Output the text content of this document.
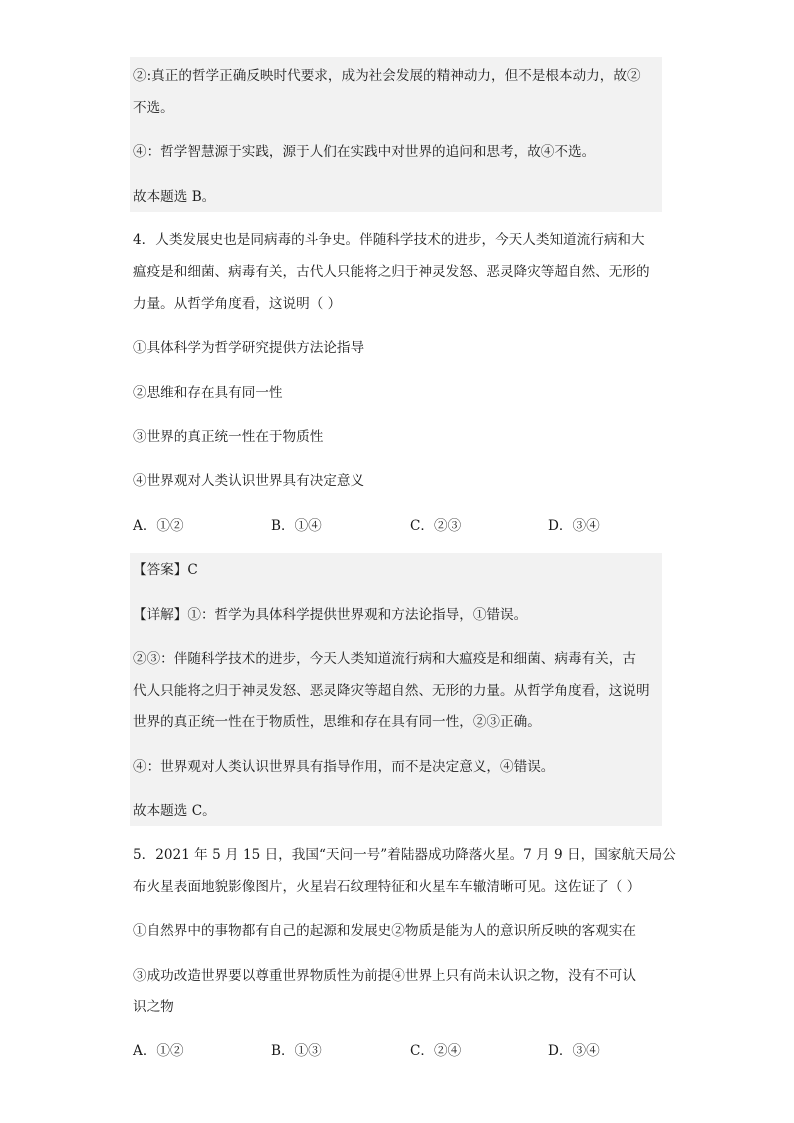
②:真正的哲学正确反映时代要求，成为社会发展的精神动力，但不是根本动力，故②
不选。
④：哲学智慧源于实践，源于人们在实践中对世界的追问和思考，故④不选。
故本题选 B。
4．人类发展史也是同病毒的斗争史。伴随科学技术的进步，今天人类知道流行病和大
瘟疫是和细菌、病毒有关，古代人只能将之归于神灵发怒、恶灵降灾等超自然、无形的
力量。从哲学角度看，这说明（ ）
①具体科学为哲学研究提供方法论指导
②思维和存在具有同一性
③世界的真正统一性在于物质性
④世界观对人类认识世界具有决定意义
A．①②	B．①④	C．②③	D．③④
【答案】C
【详解】①：哲学为具体科学提供世界观和方法论指导，①错误。
②③：伴随科学技术的进步，今天人类知道流行病和大瘟疫是和细菌、病毒有关，古
代人只能将之归于神灵发怒、恶灵降灾等超自然、无形的力量。从哲学角度看，这说明
世界的真正统一性在于物质性，思维和存在具有同一性，②③正确。
④：世界观对人类认识世界具有指导作用，而不是决定意义，④错误。
故本题选 C。
5．2021 年 5 月 15 日，我国“天问一号”着陆器成功降落火星。7 月 9 日，国家航天局公
布火星表面地貌影像图片，火星岩石纹理特征和火星车车辙清晰可见。这佐证了（ ）
①自然界中的事物都有自己的起源和发展史②物质是能为人的意识所反映的客观实在
③成功改造世界要以尊重世界物质性为前提④世界上只有尚未认识之物，没有不可认
识之物
A．①②	B．①③	C．②④	D．③④
